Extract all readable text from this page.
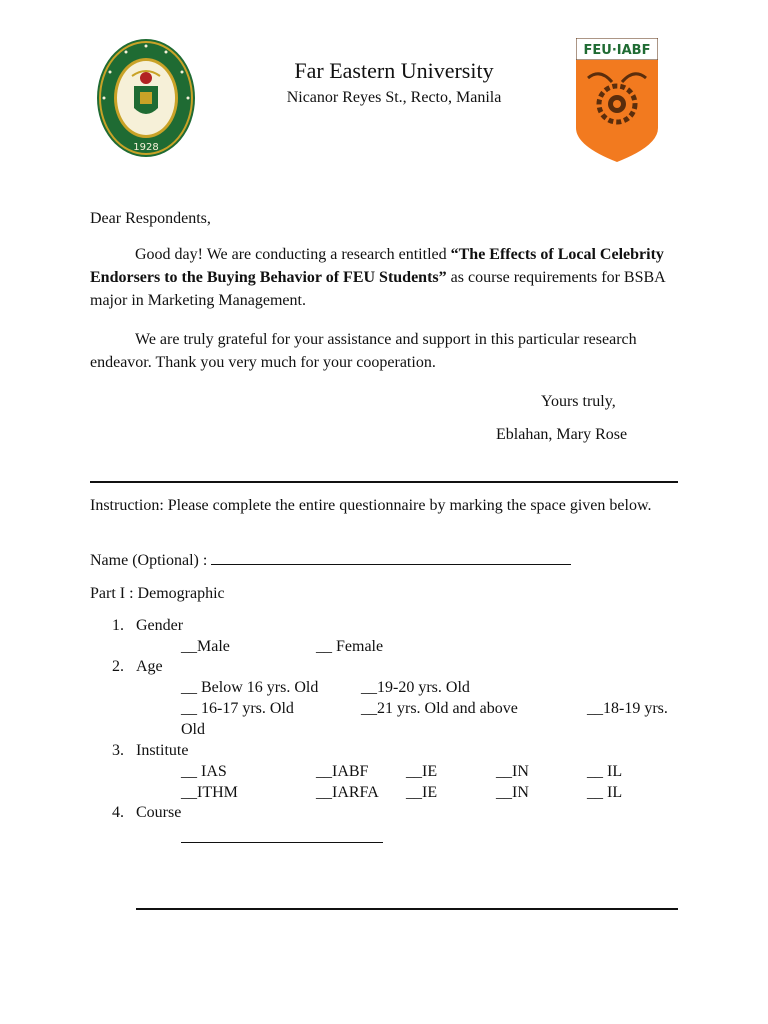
1928
FEU·IABF
Far Eastern University
Nicanor Reyes St., Recto, Manila
Dear Respondents,
Good day! We are conducting a research entitled “The Effects of Local Celebrity Endorsers to the Buying Behavior of FEU Students” as course requirements for BSBA major in Marketing Management.
We are truly grateful for your assistance and support in this particular research endeavor. Thank you very much for your cooperation.
Yours truly,
Eblahan, Mary Rose
Instruction: Please complete the entire questionnaire by marking the space given below.
Name (Optional) :
Part I : Demographic
1. Gender
__Male	__ Female
2. Age
__ Below 16 yrs. Old	__19-20 yrs. Old
__ 16-17 yrs. Old	__21 yrs. Old and above	__18-19 yrs.
Old
3. Institute
__ IAS	__IABF __IE	__IN	__ IL
__ITHM	__IARFA __IE	__IN	__ IL
4. Course
